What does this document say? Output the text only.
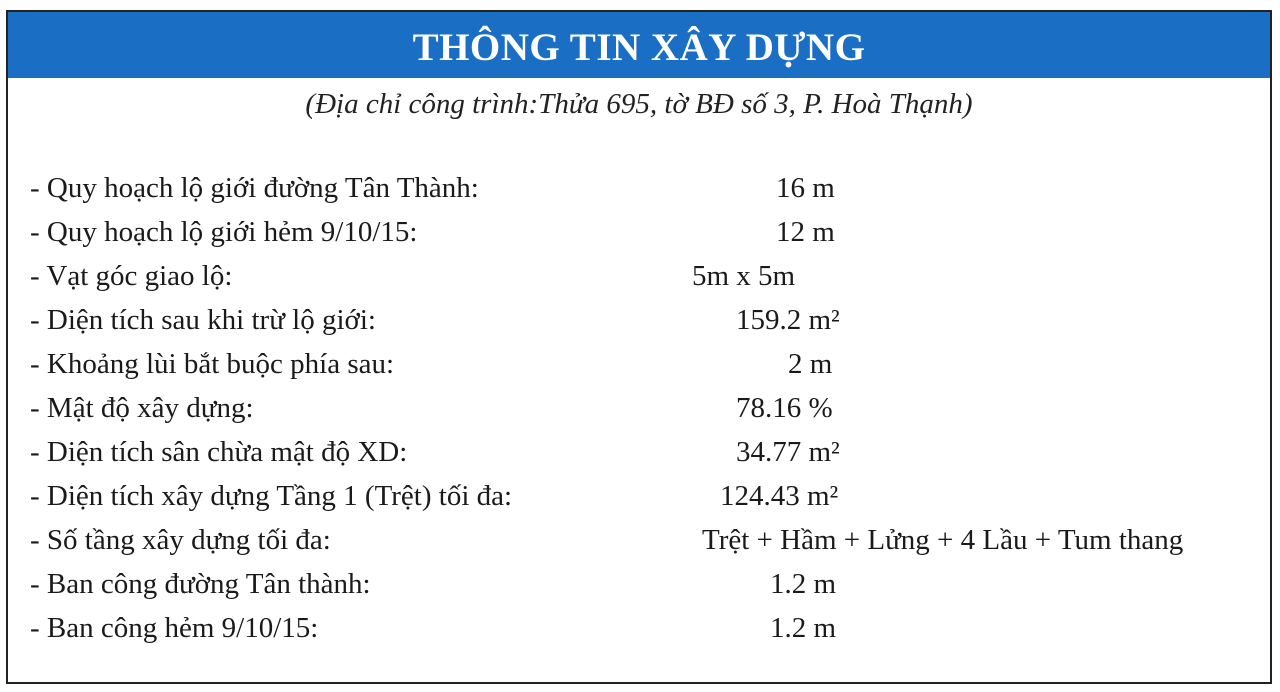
THÔNG TIN XÂY DỰNG
(Địa chỉ công trình:Thửa 695, tờ BĐ số 3, P. Hoà Thạnh)
- Quy hoạch lộ giới đường Tân Thành:	16 m
- Quy hoạch lộ giới hẻm 9/10/15:	12 m
- Vạt góc giao lộ:	5m x 5m
- Diện tích sau khi trừ lộ giới:	159.2 m²
- Khoảng lùi bắt buộc phía sau:	2 m
- Mật độ xây dựng:	78.16 %
- Diện tích sân chừa mật độ XD:	34.77 m²
- Diện tích xây dựng Tầng 1 (Trệt) tối đa:	124.43 m²
- Số tầng xây dựng tối đa:	Trệt + Hầm + Lửng + 4 Lầu + Tum thang
- Ban công đường Tân thành:	1.2 m
- Ban công hẻm 9/10/15:	1.2 m
